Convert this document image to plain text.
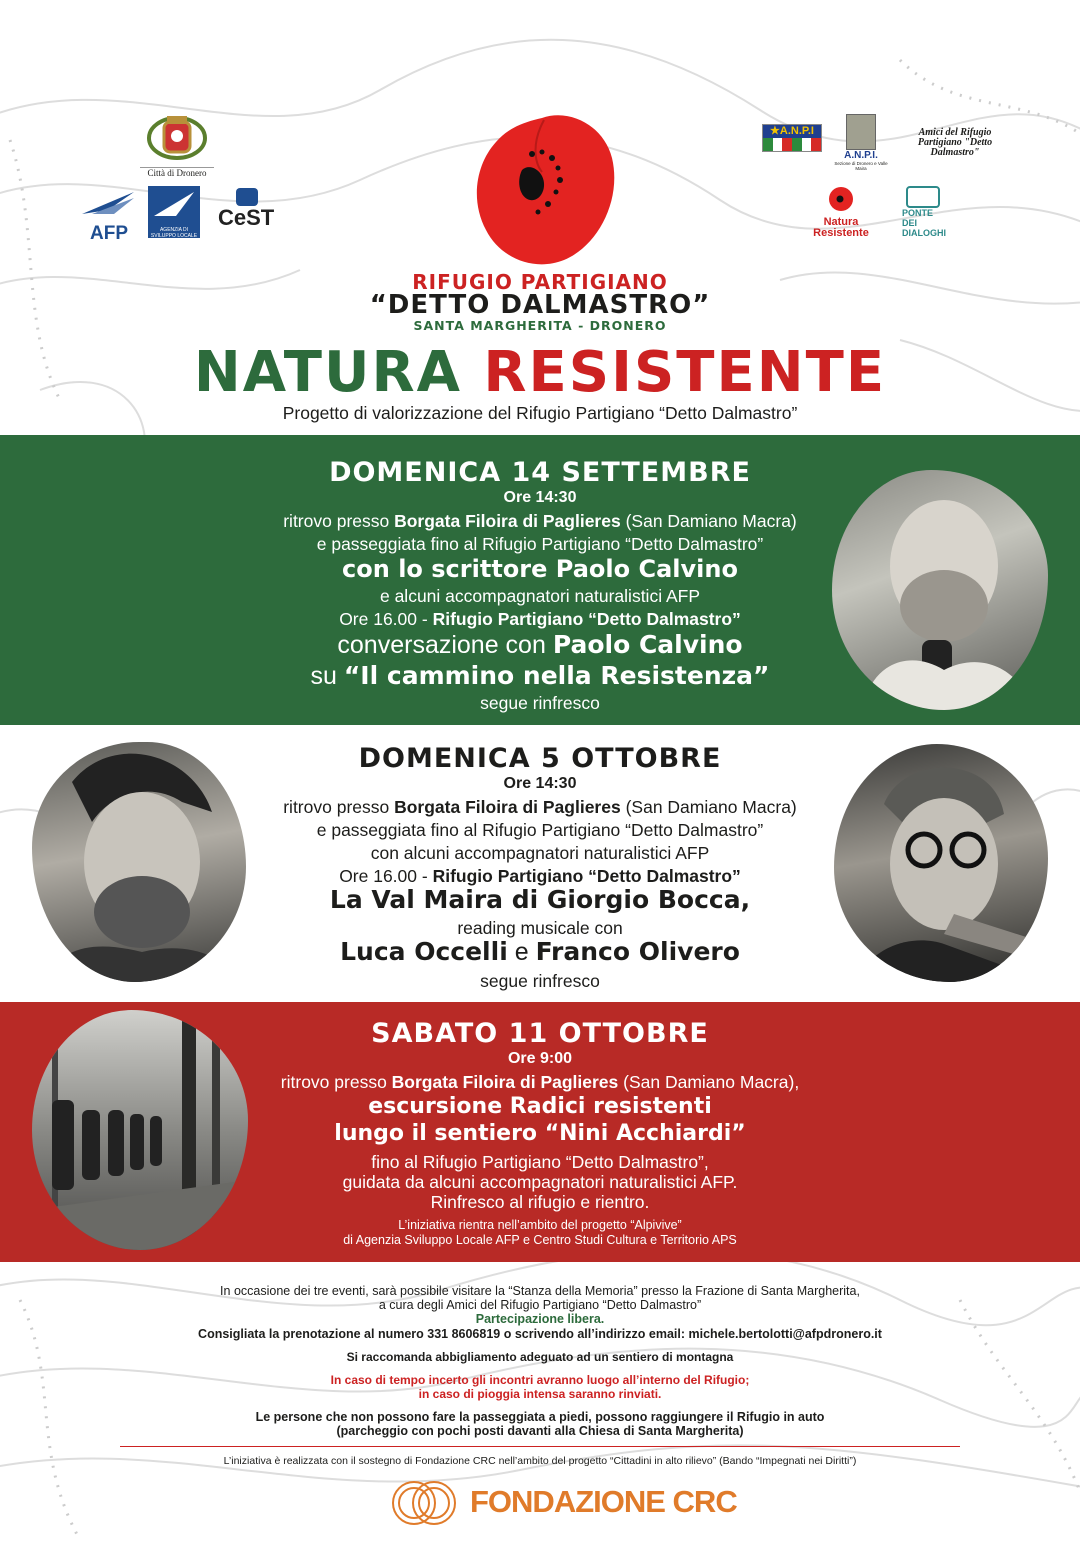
Città di Dronero
AFP	AGENZIA DI SVILUPPO LOCALE
CeST
★A.N.P.I
A.N.P.I.
Sezione di Dronero e Valle Maira
Amici del Rifugio Partigiano "Detto Dalmastro"
Natura Resistente
PONTE DEI DIALOGHI
RIFUGIO PARTIGIANO
“DETTO DALMASTRO”
SANTA MARGHERITA - DRONERO
NATURA RESISTENTE
Progetto di valorizzazione del Rifugio Partigiano “Detto Dalmastro”
DOMENICA 14 SETTEMBRE
Ore 14:30
ritrovo presso Borgata Filoira di Paglieres (San Damiano Macra)
e passeggiata fino al Rifugio Partigiano “Detto Dalmastro”
con lo scrittore Paolo Calvino
e alcuni accompagnatori naturalistici AFP
Ore 16.00 - Rifugio Partigiano “Detto Dalmastro”
conversazione con Paolo Calvino
su “Il cammino nella Resistenza”
segue rinfresco
DOMENICA 5 OTTOBRE
Ore 14:30
ritrovo presso Borgata Filoira di Paglieres (San Damiano Macra)
e passeggiata fino al Rifugio Partigiano “Detto Dalmastro”
con alcuni accompagnatori naturalistici AFP
Ore 16.00 - Rifugio Partigiano “Detto Dalmastro”
La Val Maira di Giorgio Bocca,
reading musicale con
Luca Occelli e Franco Olivero
segue rinfresco
SABATO 11 OTTOBRE
Ore 9:00
ritrovo presso Borgata Filoira di Paglieres (San Damiano Macra),
escursione Radici resistenti
lungo il sentiero “Nini Acchiardi”
fino al Rifugio Partigiano “Detto Dalmastro”,
guidata da alcuni accompagnatori naturalistici AFP.
Rinfresco al rifugio e rientro.
L’iniziativa rientra nell’ambito del progetto “Alpivive”
di Agenzia Sviluppo Locale AFP e Centro Studi Cultura e Territorio APS
In occasione dei tre eventi, sarà possibile visitare la “Stanza della Memoria” presso la Frazione di Santa Margherita,
a cura degli Amici del Rifugio Partigiano “Detto Dalmastro”
Partecipazione libera.
Consigliata la prenotazione al numero 331 8606819 o scrivendo all’indirizzo email: michele.bertolotti@afpdronero.it
Si raccomanda abbigliamento adeguato ad un sentiero di montagna
In caso di tempo incerto gli incontri avranno luogo all’interno del Rifugio;
in caso di pioggia intensa saranno rinviati.
Le persone che non possono fare la passeggiata a piedi, possono raggiungere il Rifugio in auto
(parcheggio con pochi posti davanti alla Chiesa di Santa Margherita)
L’iniziativa è realizzata con il sostegno di Fondazione CRC nell’ambito del progetto “Cittadini in alto rilievo” (Bando “Impegnati nei Diritti”)
FONDAZIONE CRC
